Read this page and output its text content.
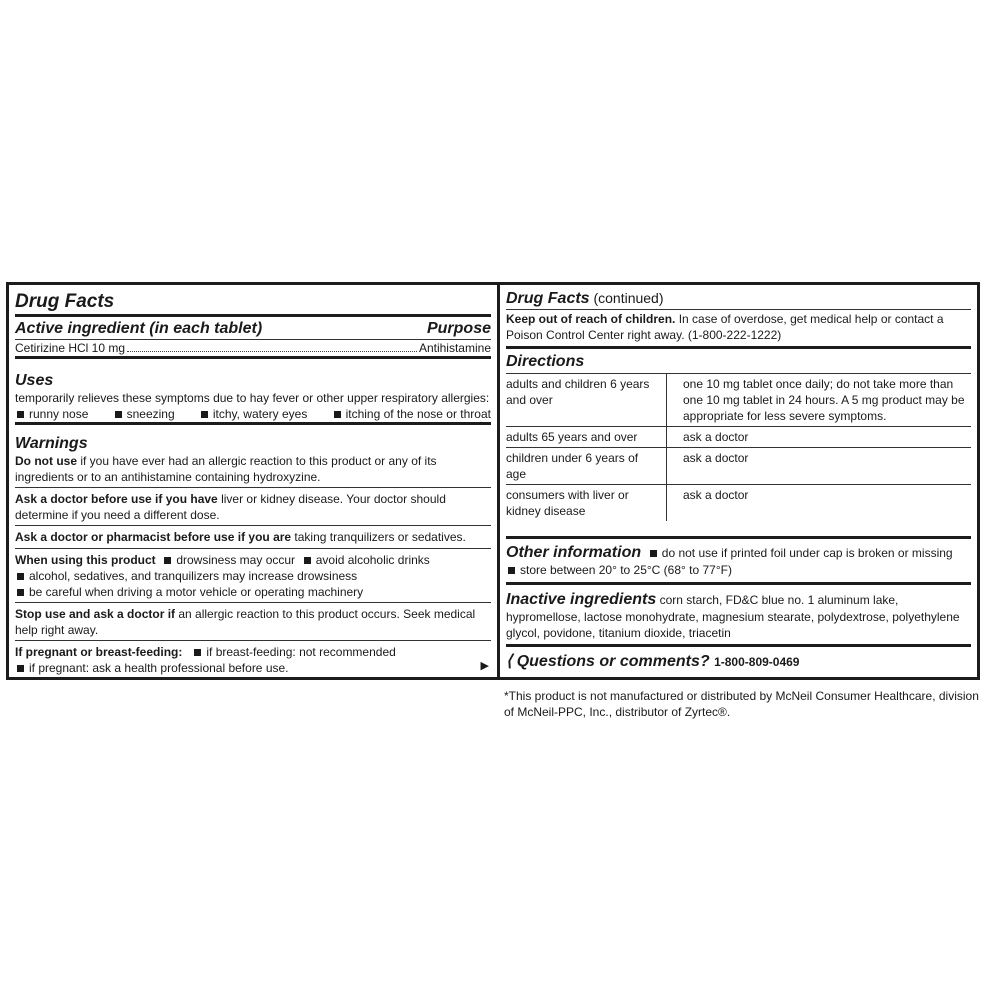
Drug Facts
Active ingredient (in each tablet)	Purpose
Cetirizine HCl 10 mg	Antihistamine
Uses
temporarily relieves these symptoms due to hay fever or other upper respiratory allergies:
runny nose	sneezing	itchy, watery eyes	itching of the nose or throat
Warnings
Do not use if you have ever had an allergic reaction to this product or any of its ingredients or to an antihistamine containing hydroxyzine.
Ask a doctor before use if you have liver or kidney disease. Your doctor should determine if you need a different dose.
Ask a doctor or pharmacist before use if you are taking tranquilizers or sedatives.
When using this product drowsiness may occur avoid alcoholic drinks
alcohol, sedatives, and tranquilizers may increase drowsiness
be careful when driving a motor vehicle or operating machinery
Stop use and ask a doctor if an allergic reaction to this product occurs. Seek medical help right away.
If pregnant or breast-feeding: if breast-feeding: not recommended
if pregnant: ask a health professional before use.	▶
Drug Facts (continued)
Keep out of reach of children. In case of overdose, get medical help or contact a Poison Control Center right away. (1-800-222-1222)
Directions
adults and children 6 years and over	one 10 mg tablet once daily; do not take more than one 10 mg tablet in 24 hours. A 5 mg product may be appropriate for less severe symptoms.
adults 65 years and over	ask a doctor
children under 6 years of age	ask a doctor
consumers with liver or kidney disease	ask a doctor
Other information do not use if printed foil under cap is broken or missing
store between 20° to 25°C (68° to 77°F)
Inactive ingredients corn starch, FD&C blue no. 1 aluminum lake, hypromellose, lactose monohydrate, magnesium stearate, polydextrose, polyethylene glycol, povidone, titanium dioxide, triacetin
⟨ Questions or comments? 1-800-809-0469
*This product is not manufactured or distributed by McNeil Consumer Healthcare, division of McNeil-PPC, Inc., distributor of Zyrtec®.
